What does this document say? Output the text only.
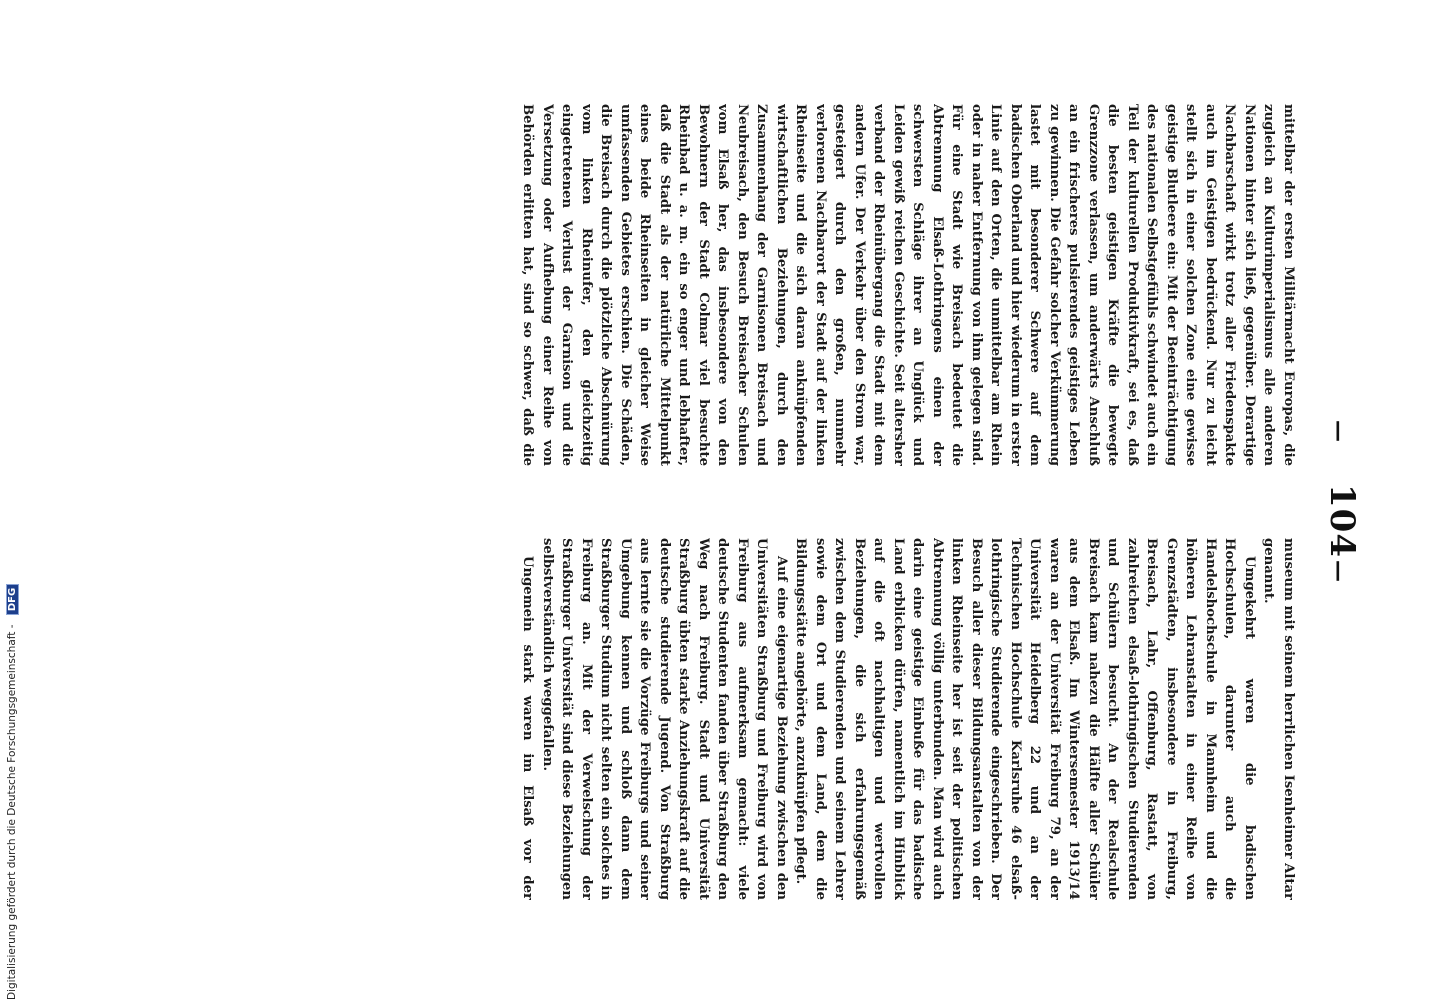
—
104
—

mittelbar der ersten Militärmacht Europas, die zugleich an Kulturimperialismus alle anderen Nationen hinter sich ließ, gegenüber. Derartige Nachbarschaft wirkt trotz aller Friedenspakte auch im Geistigen bedrückend. Nur zu leicht stellt sich in einer solchen Zone eine gewisse geistige Blutleere ein: Mit der Beeinträchtigung des nationalen Selbstgefühls schwindet auch ein Teil der kulturellen Produktivkraft, sei es, daß die besten geistigen Kräfte die bewegte Grenzzone verlassen, um anderwärts Anschluß an ein frischeres pulsierendes geistiges Leben zu gewinnen. Die Gefahr solcher Verkümmerung lastet mit besonderer Schwere auf dem badischen Oberland und hier wiederum in erster Linie auf den Orten, die unmittelbar am Rhein oder in naher Entfernung von ihm gelegen sind. Für eine Stadt wie Breisach bedeutet die Abtrennung Elsaß-Lothringens einen der schwersten Schläge ihrer an Unglück und Leiden gewiß reichen Geschichte. Seit altersher verband der Rheinübergang die Stadt mit dem andern Ufer. Der Verkehr über den Strom war, gesteigert durch den großen, nunmehr verlorenen Nachbarort der Stadt auf der linken Rheinseite und die sich daran anknüpfenden wirtschaftlichen Beziehungen, durch den Zusammenhang der Garnisonen Breisach und Neubreisach, den Besuch Breisacher Schulen vom Elsaß her, das insbesondere von den Bewohnern der Stadt Colmar viel besuchte Rheinbad u. a. m. ein so enger und lebhafter, daß die Stadt als der natürliche Mittelpunkt eines beide Rheinseiten in gleicher Weise umfassenden Gebietes erschien. Die Schäden, die Breisach durch die plötzliche Abschnürung vom linken Rheinufer, den gleichzeitig eingetretenen Verlust der Garnison und die Versetzung oder Aufhebung einer Reihe von Behörden erlitten hat, sind so schwer, daß die

museum mit seinem herrlichen Isenheimer Altar genannt.

Umgekehrt waren die badischen Hochschulen, darunter auch die Handelshochschule in Mannheim und die höheren Lehranstalten in einer Reihe von Grenzstädten, insbesondere in Freiburg, Breisach, Lahr, Offenburg, Rastatt, von zahlreichen elsaß-lothringischen Studierenden und Schülern besucht. An der Realschule Breisach kam nahezu die Hälfte aller Schüler aus dem Elsaß. Im Wintersemester 1913/14 waren an der Universität Freiburg 79, an der Universität Heidelberg 22 und an der Technischen Hochschule Karlsruhe 46 elsaß-lothringische Studierende eingeschrieben. Der Besuch aller dieser Bildungsanstalten von der linken Rheinseite her ist seit der politischen Abtrennung völlig unterbunden. Man wird auch darin eine geistige Einbuße für das badische Land erblicken dürfen, namentlich im Hinblick auf die oft nachhaltigen und wertvollen Beziehungen, die sich erfahrungsgemäß zwischen dem Studierenden und seinem Lehrer sowie dem Ort und dem Land, dem die Bildungsstätte angehörte, anzuknüpfen pflegt.

Auf eine eigenartige Beziehung zwischen den Universitäten Straßburg und Freiburg wird von Freiburg aus aufmerksam gemacht: viele deutsche Studenten fanden über Straßburg den Weg nach Freiburg. Stadt und Universität Straßburg übten starke Anziehungskraft auf die deutsche studierende Jugend. Von Straßburg aus lernte sie die Vorzüge Freiburgs und seiner Umgebung kennen und schloß dann dem Straßburger Studium nicht selten ein solches in Freiburg an. Mit der Verwelschung der Straßburger Universität sind diese Beziehungen selbstverständlich weggefallen.

Ungemein stark waren im Elsaß vor der

Digitalisierung gefördert durch die Deutsche Forschungsgemeinschaft - DFG
